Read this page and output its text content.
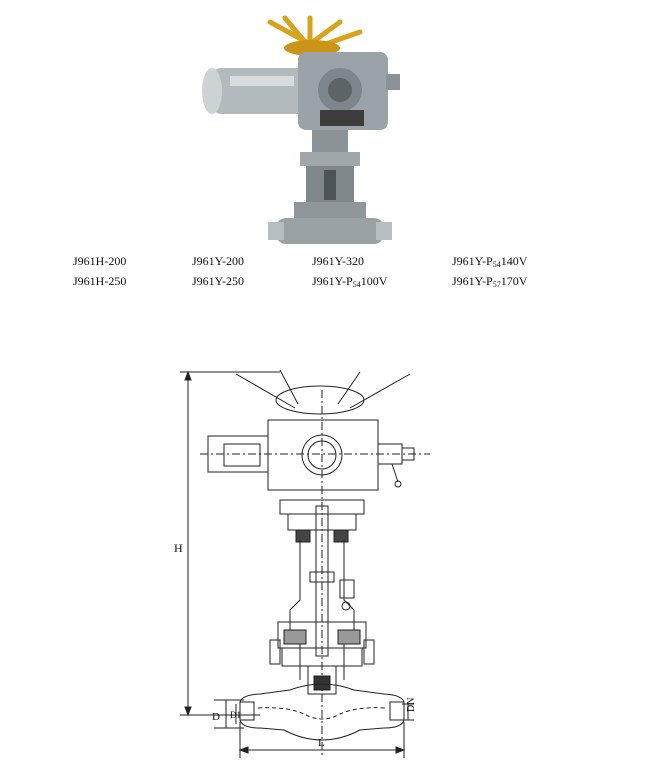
J961H-200	J961Y-200	J961Y-320	$J961Y-P_{54}140V$
J961H-250	J961Y-250	$J961Y-P_{54}100V$	$J961Y-P_{57}170V$
H
L
D D1
DN
